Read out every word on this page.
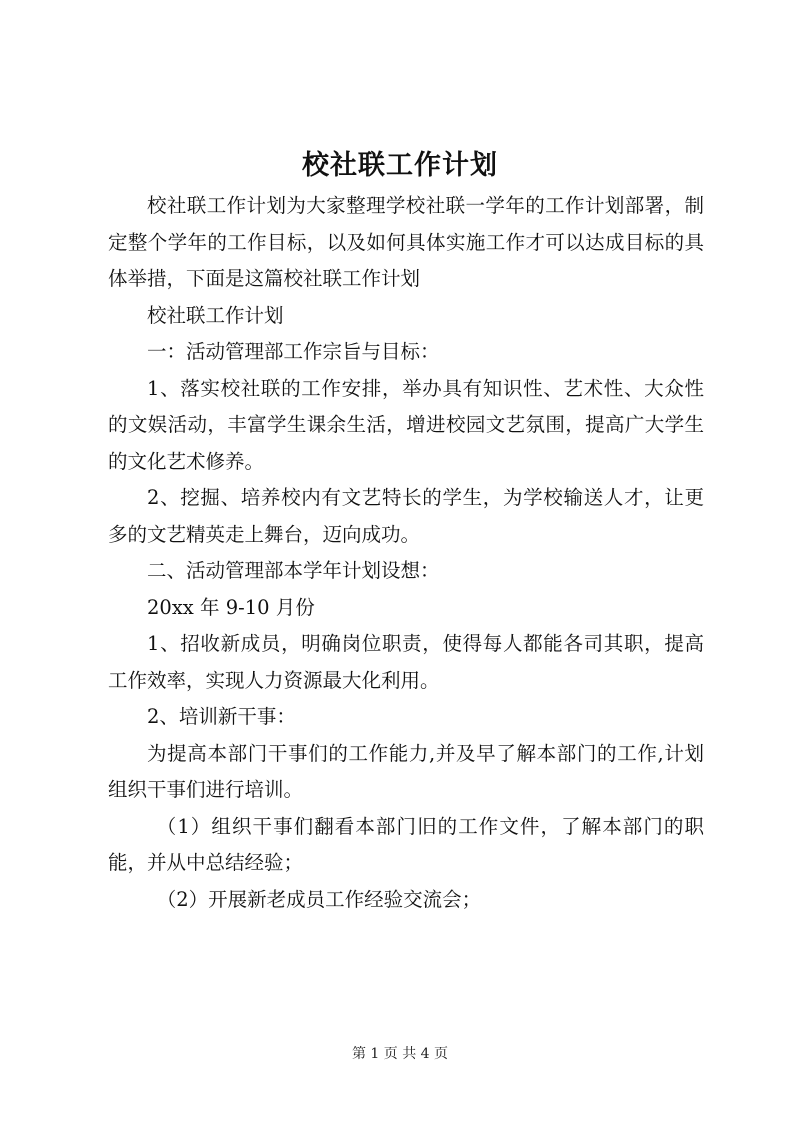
校社联工作计划

校社联工作计划为大家整理学校社联一学年的工作计划部署，制定整个学年的工作目标，以及如何具体实施工作才可以达成目标的具体举措，下面是这篇校社联工作计划

校社联工作计划

一：活动管理部工作宗旨与目标：

1、落实校社联的工作安排，举办具有知识性、艺术性、大众性的文娱活动，丰富学生课余生活，增进校园文艺氛围，提高广大学生的文化艺术修养。

2、挖掘、培养校内有文艺特长的学生，为学校输送人才，让更多的文艺精英走上舞台，迈向成功。

二、活动管理部本学年计划设想：

20xx 年 9-10 月份

1、招收新成员，明确岗位职责，使得每人都能各司其职，提高工作效率，实现人力资源最大化利用。

2、培训新干事：

为提高本部门干事们的工作能力,并及早了解本部门的工作,计划组织干事们进行培训。

（1）组织干事们翻看本部门旧的工作文件，了解本部门的职能，并从中总结经验；

（2）开展新老成员工作经验交流会；

第 1 页 共 4 页
